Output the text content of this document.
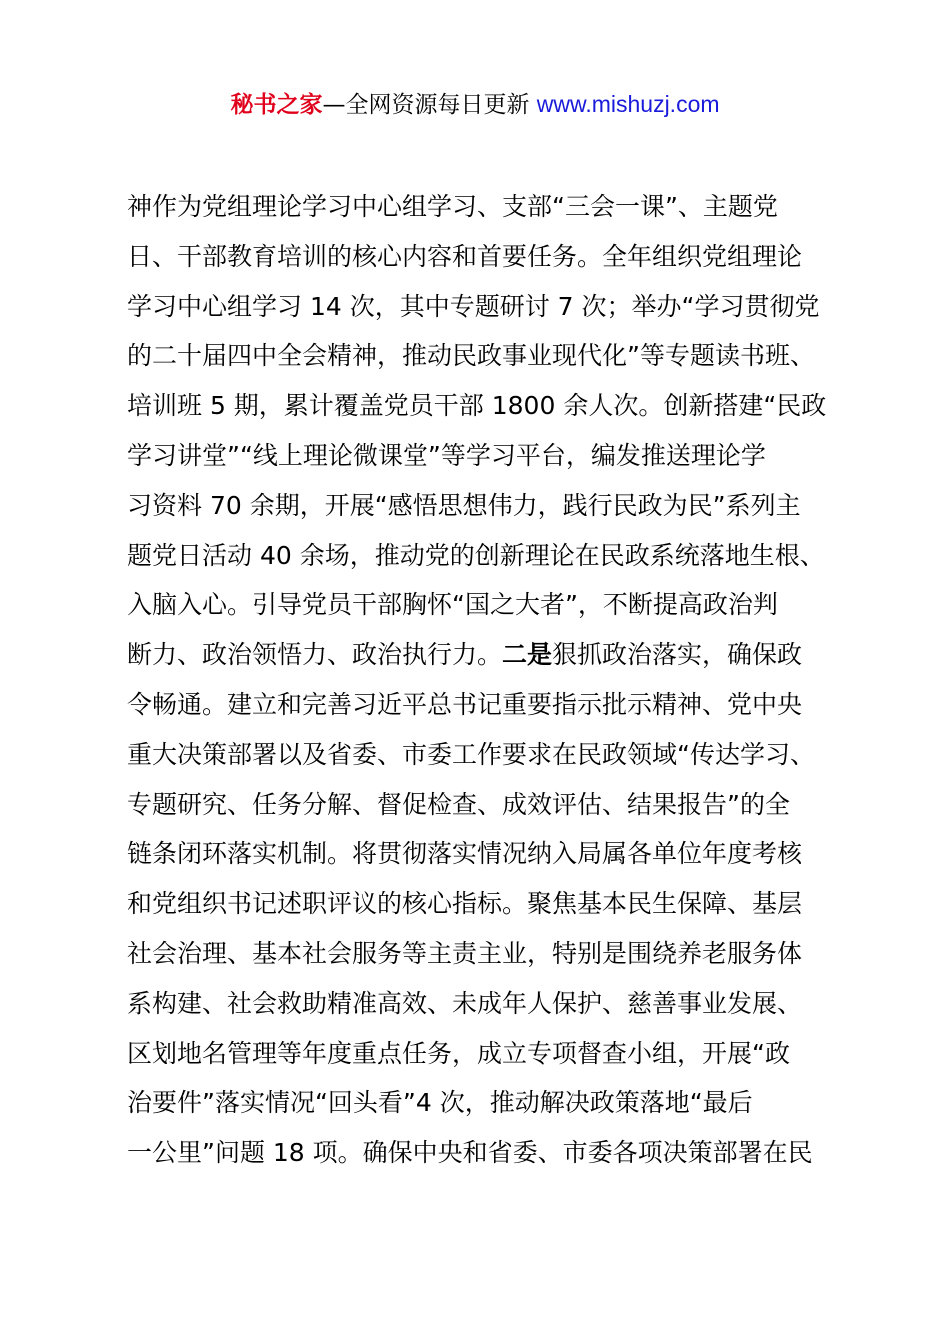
秘书之家—全网资源每日更新 www.mishuzj.com
神作为党组理论学习中心组学习、支部“三会一课”、主题党
日、干部教育培训的核心内容和首要任务。全年组织党组理论
学习中心组学习 14 次，其中专题研讨 7 次；举办“学习贯彻党
的二十届四中全会精神，推动民政事业现代化”等专题读书班、
培训班 5 期，累计覆盖党员干部 1800 余人次。创新搭建“民政
学习讲堂”“线上理论微课堂”等学习平台，编发推送理论学
习资料 70 余期，开展“感悟思想伟力，践行民政为民”系列主
题党日活动 40 余场，推动党的创新理论在民政系统落地生根、
入脑入心。引导党员干部胸怀“国之大者”，不断提高政治判
断力、政治领悟力、政治执行力。二是狠抓政治落实，确保政
令畅通。建立和完善习近平总书记重要指示批示精神、党中央
重大决策部署以及省委、市委工作要求在民政领域“传达学习、
专题研究、任务分解、督促检查、成效评估、结果报告”的全
链条闭环落实机制。将贯彻落实情况纳入局属各单位年度考核
和党组织书记述职评议的核心指标。聚焦基本民生保障、基层
社会治理、基本社会服务等主责主业，特别是围绕养老服务体
系构建、社会救助精准高效、未成年人保护、慈善事业发展、
区划地名管理等年度重点任务，成立专项督查小组，开展“政
治要件”落实情况“回头看”4 次，推动解决政策落地“最后
一公里”问题 18 项。确保中央和省委、市委各项决策部署在民
